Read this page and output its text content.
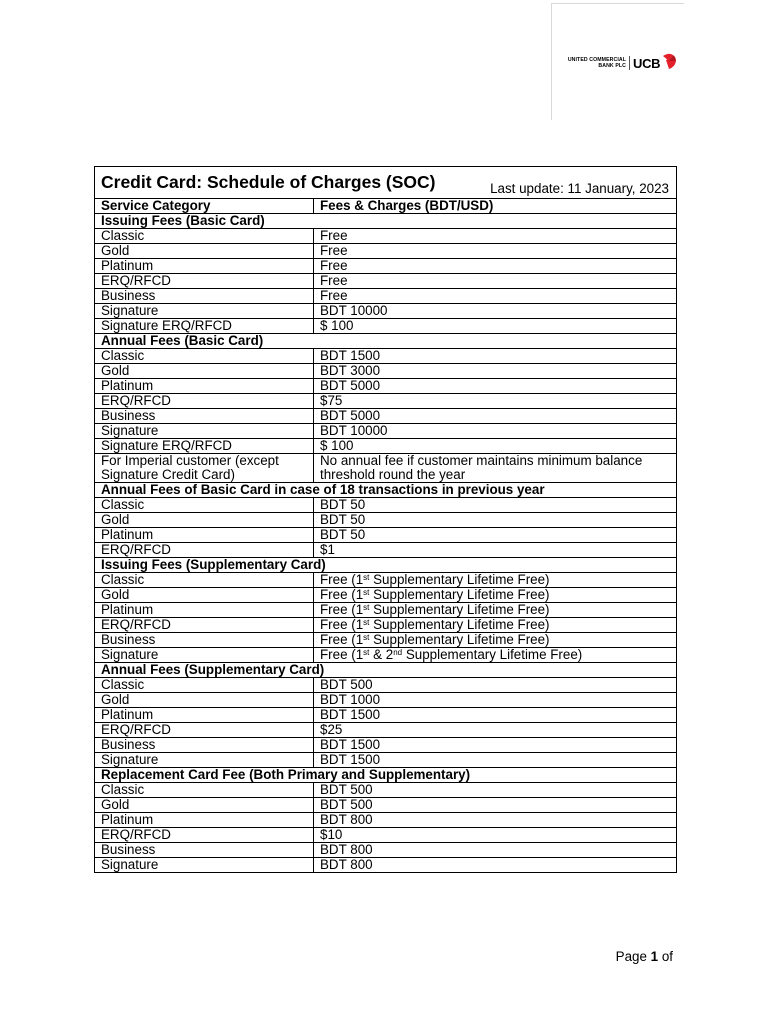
UNITED COMMERCIAL
BANK PLC UCB
Credit Card: Schedule of Charges (SOC) Last update: 11 January, 2023	

Service Category	Fees & Charges (BDT/USD)
Issuing Fees (Basic Card)	
Classic	Free
Gold	Free
Platinum	Free
ERQ/RFCD	Free
Business	Free
Signature	BDT 10000
Signature ERQ/RFCD	$ 100
Annual Fees (Basic Card)	
Classic	BDT 1500
Gold	BDT 3000
Platinum	BDT 5000
ERQ/RFCD	$75
Business	BDT 5000
Signature	BDT 10000
Signature ERQ/RFCD	$ 100
For Imperial customer (except Signature Credit Card)	No annual fee if customer maintains minimum balance threshold round the year
Annual Fees of Basic Card in case of 18 transactions in previous year	
Classic	BDT 50
Gold	BDT 50
Platinum	BDT 50
ERQ/RFCD	$1
Issuing Fees (Supplementary Card)	
Classic	Free (1st Supplementary Lifetime Free)
Gold	Free (1st Supplementary Lifetime Free)
Platinum	Free (1st Supplementary Lifetime Free)
ERQ/RFCD	Free (1st Supplementary Lifetime Free)
Business	Free (1st Supplementary Lifetime Free)
Signature	Free (1st & 2nd Supplementary Lifetime Free)
Annual Fees (Supplementary Card)	
Classic	BDT 500
Gold	BDT 1000
Platinum	BDT 1500
ERQ/RFCD	$25
Business	BDT 1500
Signature	BDT 1500
Replacement Card Fee (Both Primary and Supplementary)	
Classic	BDT 500
Gold	BDT 500
Platinum	BDT 800
ERQ/RFCD	$10
Business	BDT 800
Signature	BDT 800
Page 1 of
